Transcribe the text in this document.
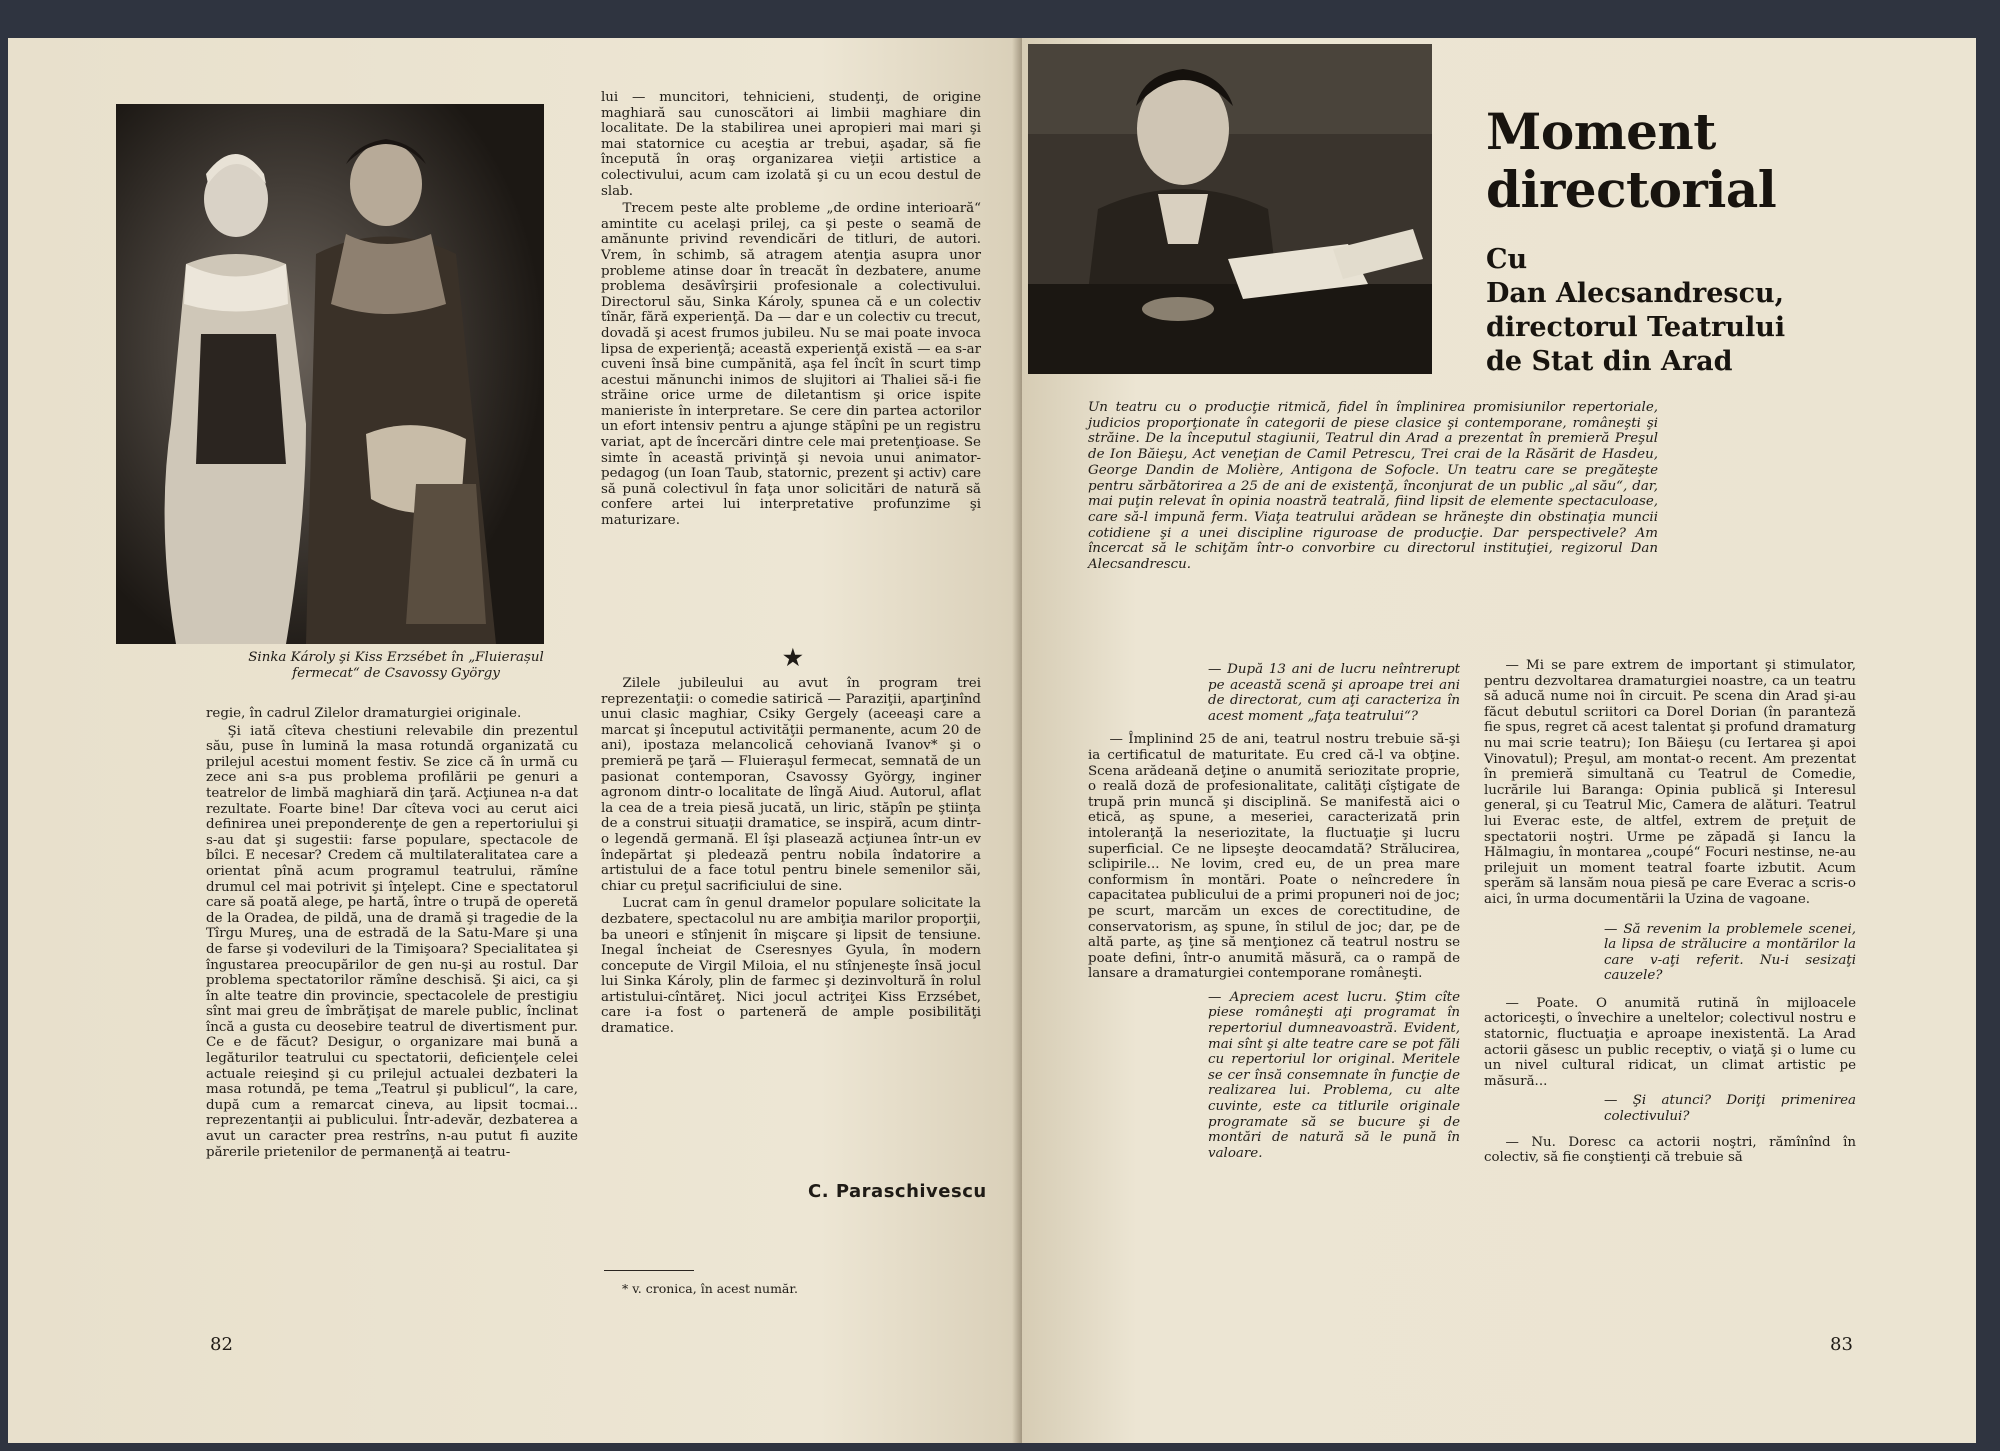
Sinka Károly şi Kiss Erzsébet în „Fluierașul fermecat“ de Csavossy György

regie, în cadrul Zilelor dramaturgiei originale.

Şi iată cîteva chestiuni relevabile din prezentul său, puse în lumină la masa rotundă organizată cu prilejul acestui moment festiv. Se zice că în urmă cu zece ani s-a pus problema profilării pe genuri a teatrelor de limbă maghiară din ţară. Acţiunea n-a dat rezultate. Foarte bine! Dar cîteva voci au cerut aici definirea unei preponderenţe de gen a repertoriului şi s-au dat şi sugestii: farse populare, spectacole de bîlci. E necesar? Credem că multilateralitatea care a orientat pînă acum programul teatrului, rămîne drumul cel mai potrivit şi înţelept. Cine e spectatorul care să poată alege, pe hartă, între o trupă de operetă de la Oradea, de pildă, una de dramă şi tragedie de la Tîrgu Mureş, una de estradă de la Satu-Mare şi una de farse şi vodeviluri de la Timişoara? Specialitatea şi îngustarea preocupărilor de gen nu-şi au rostul. Dar problema spectatorilor rămîne deschisă. Şi aici, ca şi în alte teatre din provincie, spectacolele de prestigiu sînt mai greu de îmbrăţişat de marele public, înclinat încă a gusta cu deosebire teatrul de divertisment pur. Ce e de făcut? Desigur, o organizare mai bună a legăturilor teatrului cu spectatorii, deficienţele celei actuale reieşind şi cu prilejul actualei dezbateri la masa rotundă, pe tema „Teatrul şi publicul“, la care, după cum a remarcat cineva, au lipsit tocmai... reprezentanţii ai publicului. Într-adevăr, dezbaterea a avut un caracter prea restrîns, n-au putut fi auzite părerile prietenilor de permanenţă ai teatru-

lui — muncitori, tehnicieni, studenţi, de origine maghiară sau cunoscători ai limbii maghiare din localitate. De la stabilirea unei apropieri mai mari şi mai statornice cu aceştia ar trebui, aşadar, să fie începută în oraş organizarea vieţii artistice a colectivului, acum cam izolată şi cu un ecou destul de slab.

Trecem peste alte probleme „de ordine interioară“ amintite cu acelaşi prilej, ca şi peste o seamă de amănunte privind revendicări de titluri, de autori. Vrem, în schimb, să atragem atenţia asupra unor probleme atinse doar în treacăt în dezbatere, anume problema desăvîrşirii profesionale a colectivului. Directorul său, Sinka Károly, spunea că e un colectiv tînăr, fără experienţă. Da — dar e un colectiv cu trecut, dovadă şi acest frumos jubileu. Nu se mai poate invoca lipsa de experienţă; această experienţă există — ea s-ar cuveni însă bine cumpănită, aşa fel încît în scurt timp acestui mănunchi inimos de slujitori ai Thaliei să-i fie străine orice urme de diletantism şi orice ispite manieriste în interpretare. Se cere din partea actorilor un efort intensiv pentru a ajunge stăpîni pe un registru variat, apt de încercări dintre cele mai pretenţioase. Se simte în această privinţă şi nevoia unui animator-pedagog (un Ioan Taub, statornic, prezent şi activ) care să pună colectivul în faţa unor solicitări de natură să confere artei lui interpretative profunzime şi maturizare.

★

Zilele jubileului au avut în program trei reprezentaţii: o comedie satirică — Paraziţii, aparţinînd unui clasic maghiar, Csiky Gergely (aceeaşi care a marcat şi începutul activităţii permanente, acum 20 de ani), ipostaza melancolică cehoviană Ivanov* şi o premieră pe ţară — Fluieraşul fermecat, semnată de un pasionat contemporan, Csavossy György, inginer agronom dintr-o localitate de lîngă Aiud. Autorul, aflat la cea de a treia piesă jucată, un liric, stăpîn pe ştiinţa de a construi situaţii dramatice, se inspiră, acum dintr-o legendă germană. El îşi plasează acţiunea într-un ev îndepărtat şi pledează pentru nobila îndatorire a artistului de a face totul pentru binele semenilor săi, chiar cu preţul sacrificiului de sine.

Lucrat cam în genul dramelor populare solicitate la dezbatere, spectacolul nu are ambiţia marilor proporţii, ba uneori e stînjenit în mişcare şi lipsit de tensiune. Inegal încheiat de Cseresnyes Gyula, în modern concepute de Virgil Miloia, el nu stînjeneşte însă jocul lui Sinka Károly, plin de farmec şi dezinvoltură în rolul artistului-cîntăreţ. Nici jocul actriţei Kiss Erzsébet, care i-a fost o parteneră de ample posibilităţi dramatice.

C. Paraschivescu
* v. cronica, în acest număr.
82
Moment
directorial
Cu
Dan Alecsandrescu,
directorul Teatrului
de Stat din Arad
Un teatru cu o producţie ritmică, fidel în împlinirea promisiunilor repertoriale, judicios proporţionate în categorii de piese clasice şi contemporane, româneşti şi străine. De la începutul stagiunii, Teatrul din Arad a prezentat în premieră Preşul de Ion Băieşu, Act veneţian de Camil Petrescu, Trei crai de la Răsărit de Hasdeu, George Dandin de Molière, Antigona de Sofocle. Un teatru care se pregăteşte pentru sărbătorirea a 25 de ani de existenţă, înconjurat de un public „al său“, dar, mai puţin relevat în opinia noastră teatrală, fiind lipsit de elemente spectaculoase, care să-l impună ferm. Viaţa teatrului arădean se hrăneşte din obstinaţia muncii cotidiene şi a unei discipline riguroase de producţie. Dar perspectivele? Am încercat să le schiţăm într-o convorbire cu directorul instituţiei, regizorul Dan Alecsandrescu.
— După 13 ani de lucru neîntrerupt pe această scenă şi aproape trei ani de directorat, cum aţi caracteriza în acest moment „faţa teatrului“?

— Împlinind 25 de ani, teatrul nostru trebuie să-şi ia certificatul de maturitate. Eu cred că-l va obţine. Scena arădeană deţine o anumită seriozitate proprie, o reală doză de profesionalitate, calităţi cîştigate de trupă prin muncă şi disciplină. Se manifestă aici o etică, aş spune, a meseriei, caracterizată prin intoleranţă la neseriozitate, la fluctuaţie şi lucru superficial. Ce ne lipseşte deocamdată? Strălucirea, sclipirile... Ne lovim, cred eu, de un prea mare conformism în montări. Poate o neîncredere în capacitatea publicului de a primi propuneri noi de joc; pe scurt, marcăm un exces de corectitudine, de conservatorism, aş spune, în stilul de joc; dar, pe de altă parte, aş ţine să menţionez că teatrul nostru se poate defini, într-o anumită măsură, ca o rampă de lansare a dramaturgiei contemporane româneşti.

— Apreciem acest lucru. Ştim cîte piese româneşti aţi programat în repertoriul dumneavoastră. Evident, mai sînt şi alte teatre care se pot făli cu repertoriul lor original. Meritele se cer însă consemnate în funcţie de realizarea lui. Problema, cu alte cuvinte, este ca titlurile originale programate să se bucure şi de montări de natură să le pună în valoare.

— Mi se pare extrem de important şi stimulator, pentru dezvoltarea dramaturgiei noastre, ca un teatru să aducă nume noi în circuit. Pe scena din Arad şi-au făcut debutul scriitori ca Dorel Dorian (în paranteză fie spus, regret că acest talentat şi profund dramaturg nu mai scrie teatru); Ion Băieşu (cu Iertarea şi apoi Vinovatul); Preşul, am montat-o recent. Am prezentat în premieră simultană cu Teatrul de Comedie, lucrările lui Baranga: Opinia publică şi Interesul general, şi cu Teatrul Mic, Camera de alături. Teatrul lui Everac este, de altfel, extrem de preţuit de spectatorii noştri. Urme pe zăpadă şi Iancu la Hălmagiu, în montarea „coupé“ Focuri nestinse, ne-au prilejuit un moment teatral foarte izbutit. Acum sperăm să lansăm noua piesă pe care Everac a scris-o aici, în urma documentării la Uzina de vagoane.

— Să revenim la problemele scenei, la lipsa de strălucire a montărilor la care v-aţi referit. Nu-i sesizaţi cauzele?

— Poate. O anumită rutină în mijloacele actoriceşti, o învechire a uneltelor; colectivul nostru e statornic, fluctuaţia e aproape inexistentă. La Arad actorii găsesc un public receptiv, o viaţă şi o lume cu un nivel cultural ridicat, un climat artistic pe măsură...

— Şi atunci? Doriţi primenirea colectivului?

— Nu. Doresc ca actorii noştri, rămînînd în colectiv, să fie conştienţi că trebuie să

83
